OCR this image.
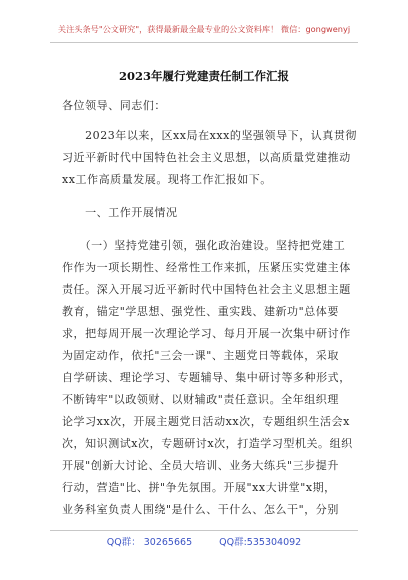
关注头条号"公文研究"，获得最新最全最专业的公文资料库！ 微信：gongwenyj
2023年履行党建责任制工作汇报
各位领导、同志们：
　　2023年以来，区xx局在xxx的坚强领导下，认真贯彻
习近平新时代中国特色社会主义思想，以高质量党建推动
xx工作高质量发展。现将工作汇报如下。
　　一、工作开展情况
　　（一）坚持党建引领，强化政治建设。坚持把党建工
作作为一项长期性、经常性工作来抓，压紧压实党建主体
责任。深入开展习近平新时代中国特色社会主义思想主题
教育，锚定"学思想、强党性、重实践、建新功"总体要
求，把每周开展一次理论学习、每月开展一次集中研讨作
为固定动作，依托"三会一课"、主题党日等载体，采取
自学研读、理论学习、专题辅导、集中研讨等多种形式，
不断铸牢"以政领财、以财辅政"责任意识。全年组织理
论学习xx次，开展主题党日活动xx次，专题组织生活会x
次，知识测试x次，专题研讨x次，打造学习型机关。组织
开展"创新大讨论、全员大培训、业务大练兵"三步提升
行动，营造"比、拼"争先氛围。开展"xx大讲堂"x期，
业务科室负责人围绕"是什么、干什么、怎么干"，分别
QQ群： 30265665	QQ群:535304092
